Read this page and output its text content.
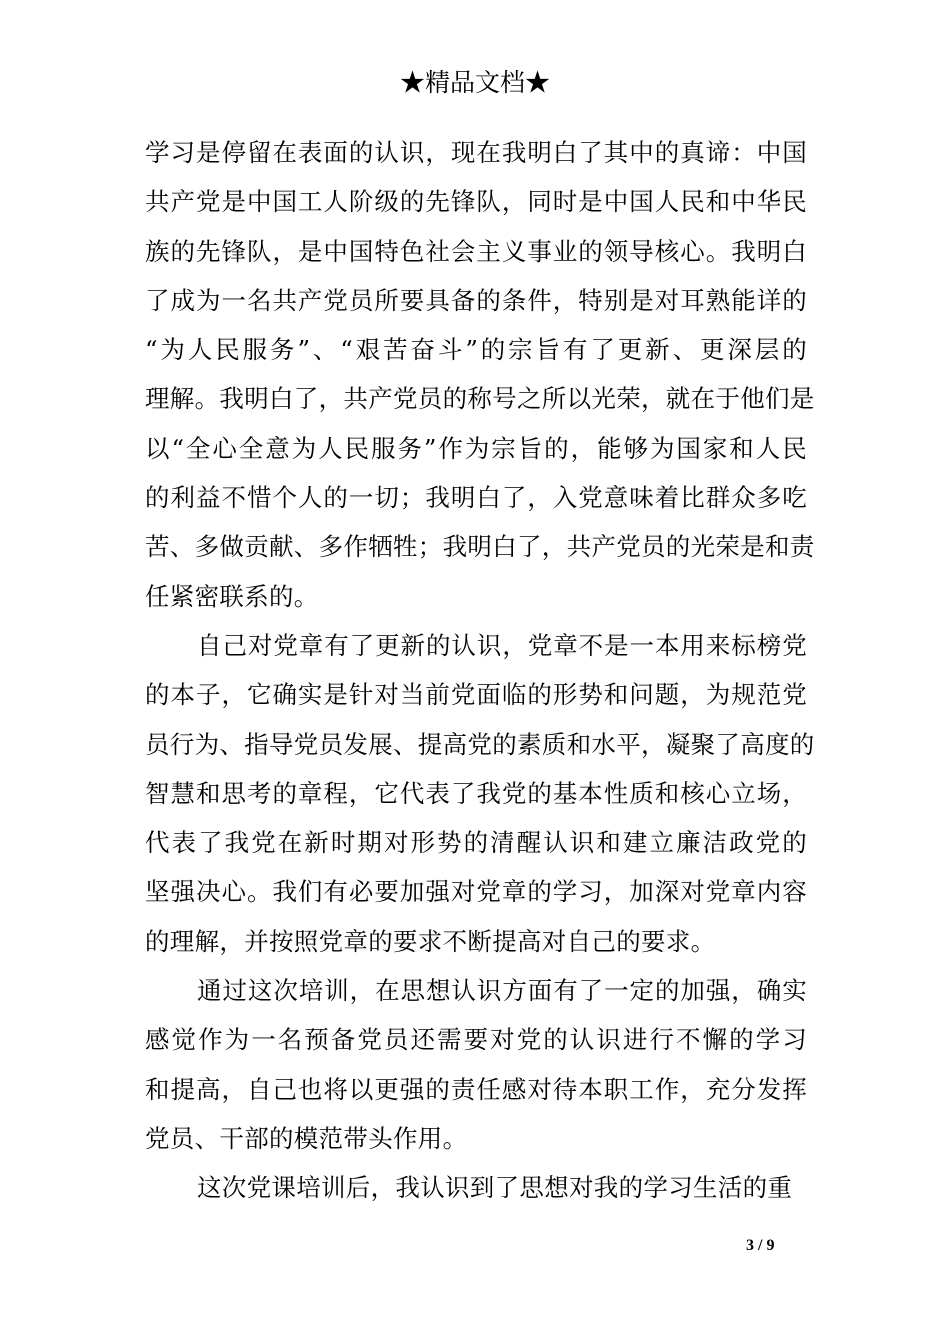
★精品文档★
学习是停留在表面的认识，现在我明白了其中的真谛：中国
共产党是中国工人阶级的先锋队，同时是中国人民和中华民
族的先锋队，是中国特色社会主义事业的领导核心。我明白
了成为一名共产党员所要具备的条件，特别是对耳熟能详的
“为人民服务”、“艰苦奋斗”的宗旨有了更新、更深层的
理解。我明白了，共产党员的称号之所以光荣，就在于他们是
以“全心全意为人民服务”作为宗旨的，能够为国家和人民
的利益不惜个人的一切；我明白了，入党意味着比群众多吃
苦、多做贡献、多作牺牲；我明白了，共产党员的光荣是和责
任紧密联系的。
自己对党章有了更新的认识，党章不是一本用来标榜党
的本子，它确实是针对当前党面临的形势和问题，为规范党
员行为、指导党员发展、提高党的素质和水平，凝聚了高度的
智慧和思考的章程，它代表了我党的基本性质和核心立场，
代表了我党在新时期对形势的清醒认识和建立廉洁政党的
坚强决心。我们有必要加强对党章的学习，加深对党章内容
的理解，并按照党章的要求不断提高对自己的要求。
通过这次培训，在思想认识方面有了一定的加强，确实
感觉作为一名预备党员还需要对党的认识进行不懈的学习
和提高，自己也将以更强的责任感对待本职工作，充分发挥
党员、干部的模范带头作用。
这次党课培训后，我认识到了思想对我的学习生活的重
3 / 9
